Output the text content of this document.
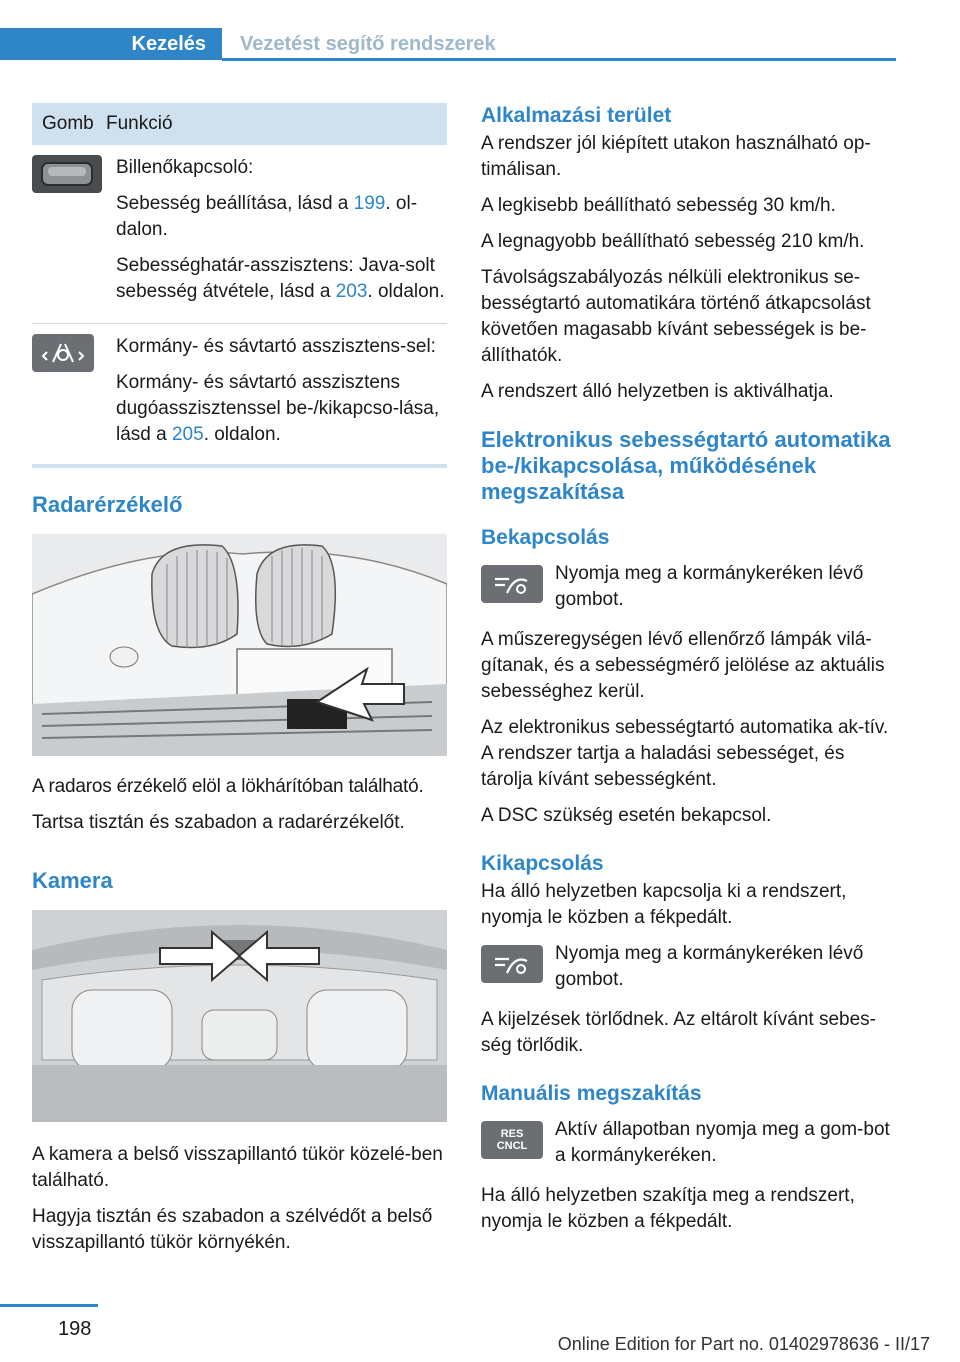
Kezelés	Vezetést segítő rendszerek
Gomb Funkció

Billenőkapcsoló:

Sebesség beállítása, lásd a 199. ol-dalon.

Sebességhatár-asszisztens: Java-solt sebesség átvétele, lásd a 203. oldalon.

Kormány- és sávtartó asszisztens-sel:

Kormány- és sávtartó asszisztens dugóasszisztenssel be-/kikapcso-lása, lásd a 205. oldalon.

Radarérzékelő

A radaros érzékelő elöl a lökhárítóban található.

Tartsa tisztán és szabadon a radarérzékelőt.

Kamera

A kamera a belső visszapillantó tükör közelé-ben található.

Hagyja tisztán és szabadon a szélvédőt a belső visszapillantó tükör környékén.

Alkalmazási terület

A rendszer jól kiépített utakon használható op-timálisan.

A legkisebb beállítható sebesség 30 km/h.

A legnagyobb beállítható sebesség 210 km/h.

Távolságszabályozás nélküli elektronikus se-bességtartó automatikára történő átkapcsolást követően magasabb kívánt sebességek is be-állíthatók.

A rendszert álló helyzetben is aktiválhatja.

Elektronikus sebességtartó automatika be-/kikapcsolása, működésének megszakítása
Bekapcsolás

Nyomja meg a kormánykeréken lévő gombot.

A műszeregységen lévő ellenőrző lámpák vilá-gítanak, és a sebességmérő jelölése az aktuális sebességhez kerül.

Az elektronikus sebességtartó automatika ak-tív. A rendszer tartja a haladási sebességet, és tárolja kívánt sebességként.

A DSC szükség esetén bekapcsol.

Kikapcsolás

Ha álló helyzetben kapcsolja ki a rendszert, nyomja le közben a fékpedált.

Nyomja meg a kormánykeréken lévő gombot.

A kijelzések törlődnek. Az eltárolt kívánt sebes-ség törlődik.

Manuális megszakítás
RES
CNCL

Aktív állapotban nyomja meg a gom-bot a kormánykeréken.

Ha álló helyzetben szakítja meg a rendszert, nyomja le közben a fékpedált.

198
Online Edition for Part no. 01402978636 - II/17
